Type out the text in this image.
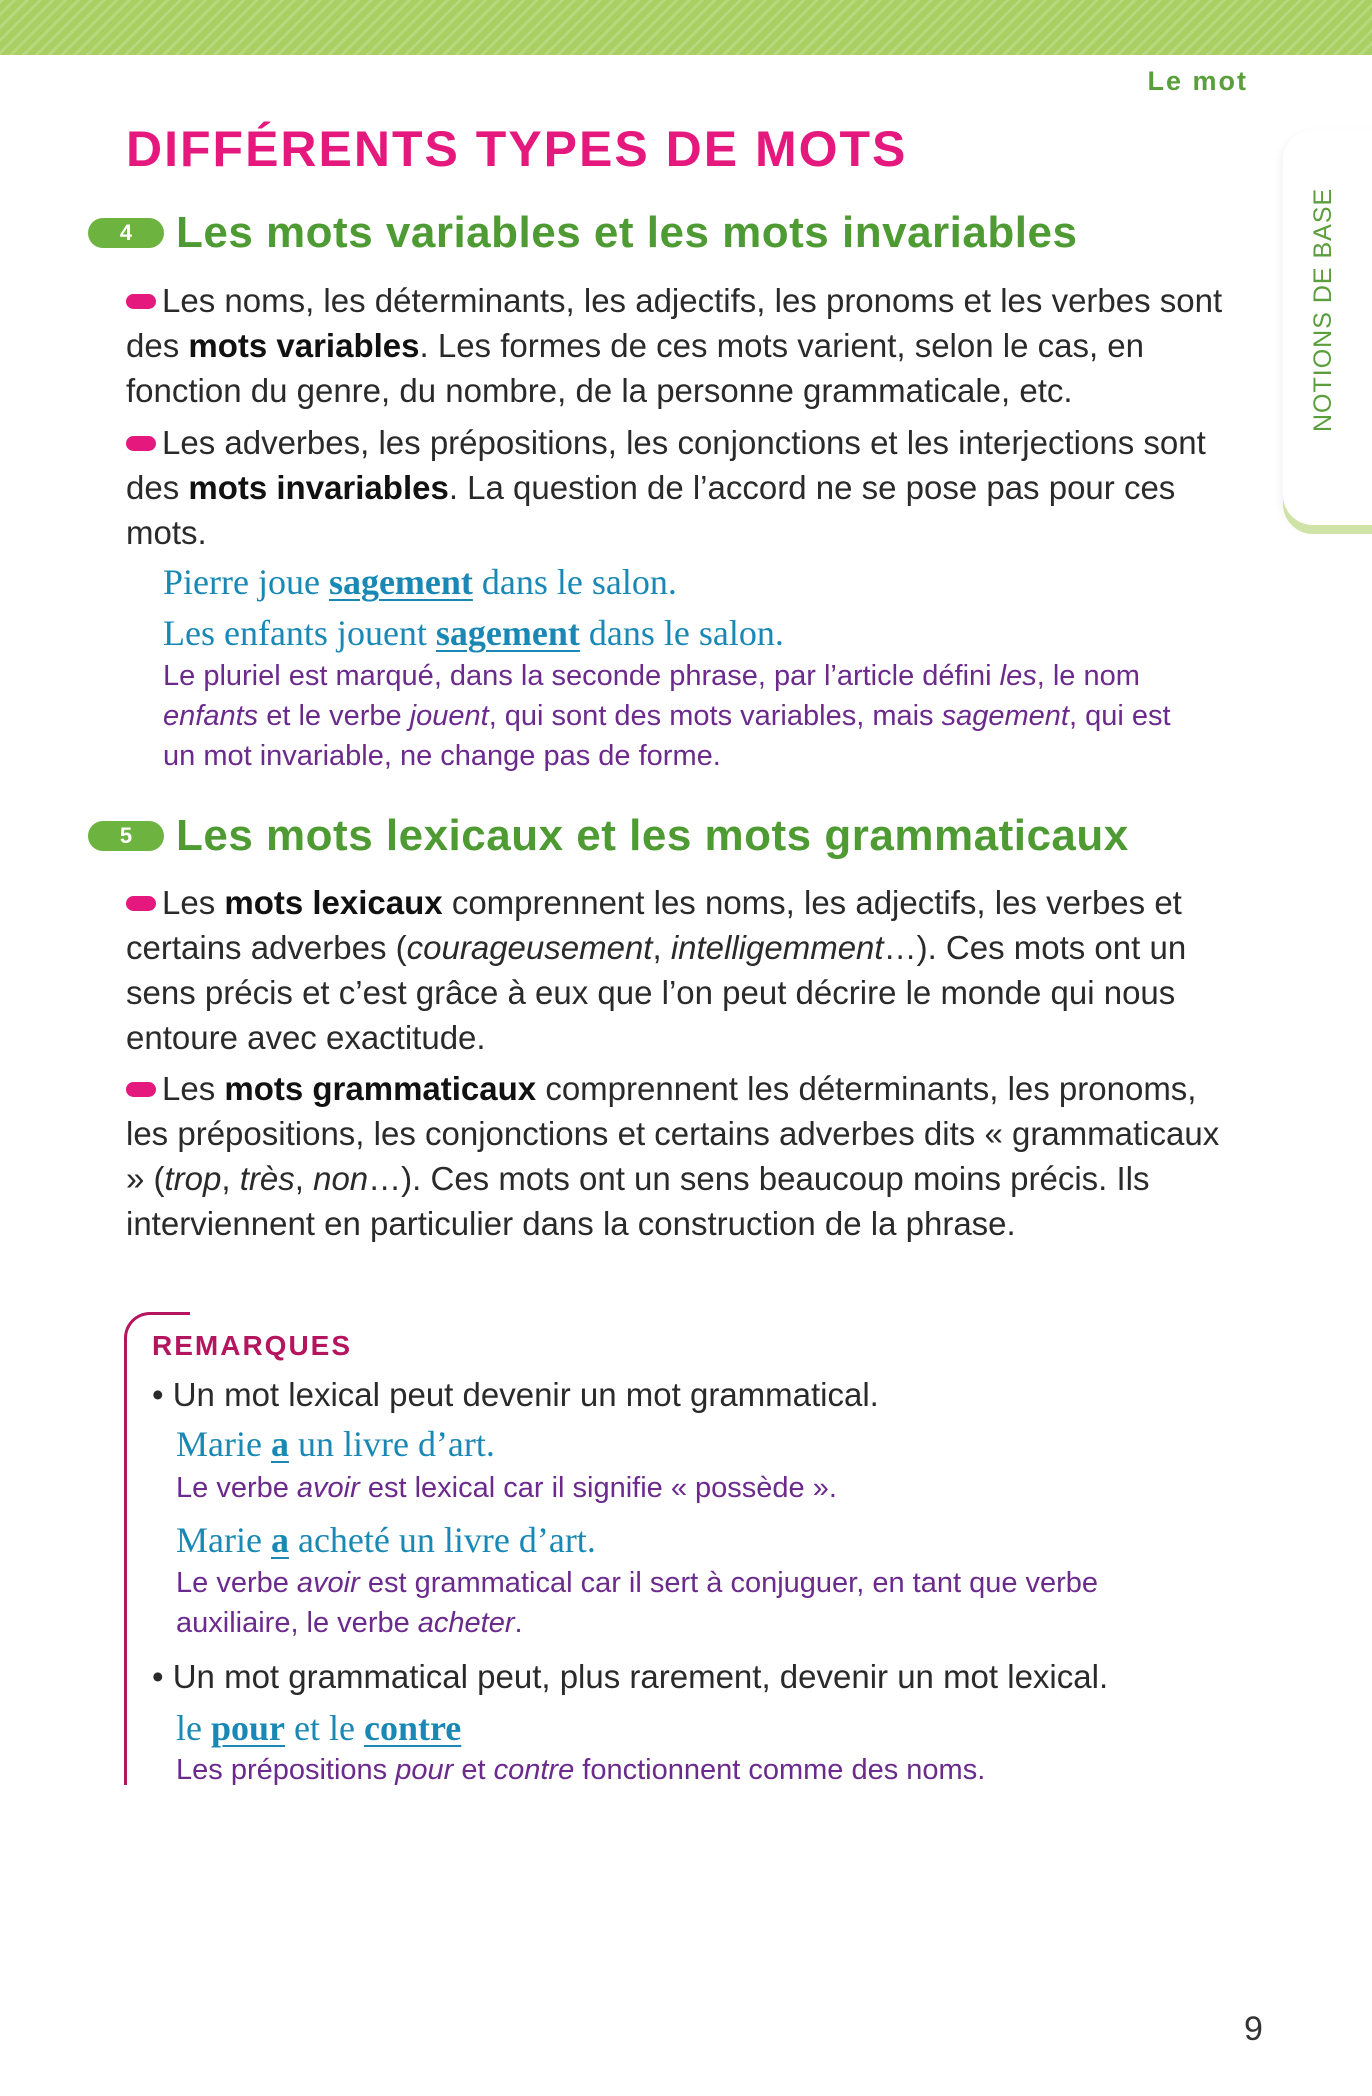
Le mot
NOTIONS DE BASE
DIFFÉRENTS TYPES DE MOTS
4 Les mots variables et les mots invariables

Les noms, les déterminants, les adjectifs, les pronoms et les verbes sont des mots variables. Les formes de ces mots varient, selon le cas, en fonction du genre, du nombre, de la personne grammaticale, etc.

Les adverbes, les prépositions, les conjonctions et les interjections sont des mots invariables. La question de l’accord ne se pose pas pour ces mots.

Pierre joue sagement dans le salon.

Les enfants jouent sagement dans le salon.

Le pluriel est marqué, dans la seconde phrase, par l’article défini les, le nom enfants et le verbe jouent, qui sont des mots variables, mais sagement, qui est un mot invariable, ne change pas de forme.

5 Les mots lexicaux et les mots grammaticaux

Les mots lexicaux comprennent les noms, les adjectifs, les verbes et certains adverbes (courageusement, intelligemment…). Ces mots ont un sens précis et c’est grâce à eux que l’on peut décrire le monde qui nous entoure avec exactitude.

Les mots grammaticaux comprennent les déterminants, les pronoms, les prépositions, les conjonctions et certains adverbes dits « grammaticaux » (trop, très, non…). Ces mots ont un sens beaucoup moins précis. Ils interviennent en particulier dans la construction de la phrase.

REMARQUES

• Un mot lexical peut devenir un mot grammatical.

Marie a un livre d’art.

Le verbe avoir est lexical car il signifie « possède ».

Marie a acheté un livre d’art.

Le verbe avoir est grammatical car il sert à conjuguer, en tant que verbe auxiliaire, le verbe acheter.

• Un mot grammatical peut, plus rarement, devenir un mot lexical.

le pour et le contre

Les prépositions pour et contre fonctionnent comme des noms.

9
